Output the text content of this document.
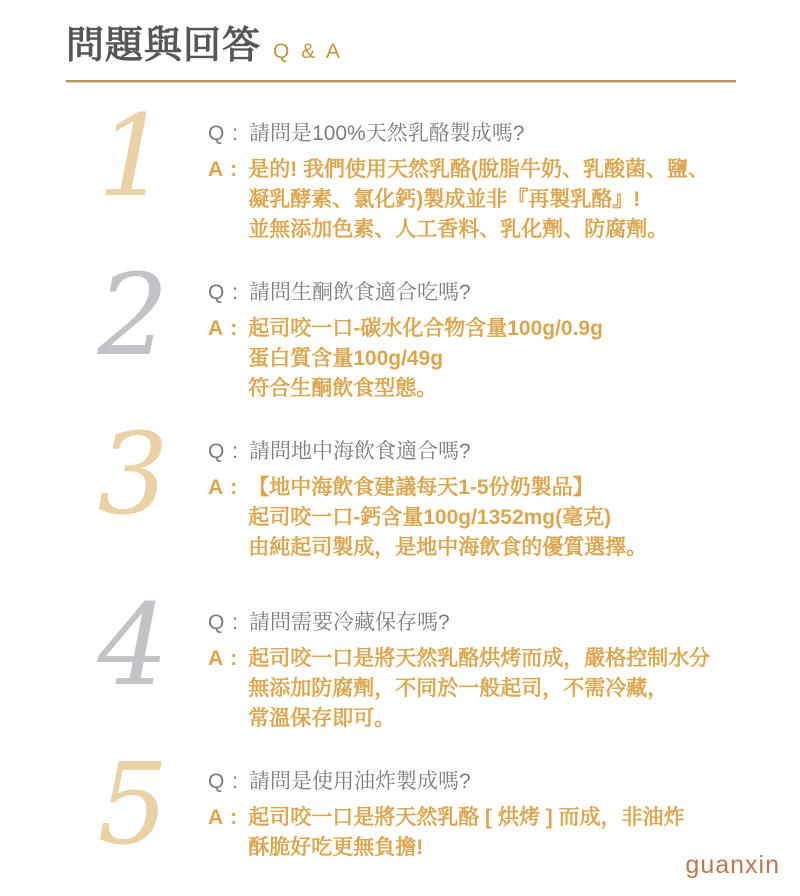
問題與回答 Q & A
1	Q : 請問是100%天然乳酪製成嗎?
A : 是的! 我們使用天然乳酪(脫脂牛奶、乳酸菌、鹽、
凝乳酵素、氯化鈣)製成並非『再製乳酪』!
並無添加色素、人工香料、乳化劑、防腐劑。
2	Q : 請問生酮飲食適合吃嗎?
A : 起司咬一口-碳水化合物含量100g/0.9g
蛋白質含量100g/49g
符合生酮飲食型態。
3	Q : 請問地中海飲食適合嗎?
A : 【地中海飲食建議每天1-5份奶製品】
起司咬一口-鈣含量100g/1352mg(毫克)
由純起司製成，是地中海飲食的優質選擇。
4	Q : 請問需要冷藏保存嗎?
A : 起司咬一口是將天然乳酪烘烤而成，嚴格控制水分
無添加防腐劑，不同於一般起司，不需冷藏，
常溫保存即可。
5	Q : 請問是使用油炸製成嗎?
A : 起司咬一口是將天然乳酪 [ 烘烤 ] 而成，非油炸
酥脆好吃更無負擔!
guanxin
